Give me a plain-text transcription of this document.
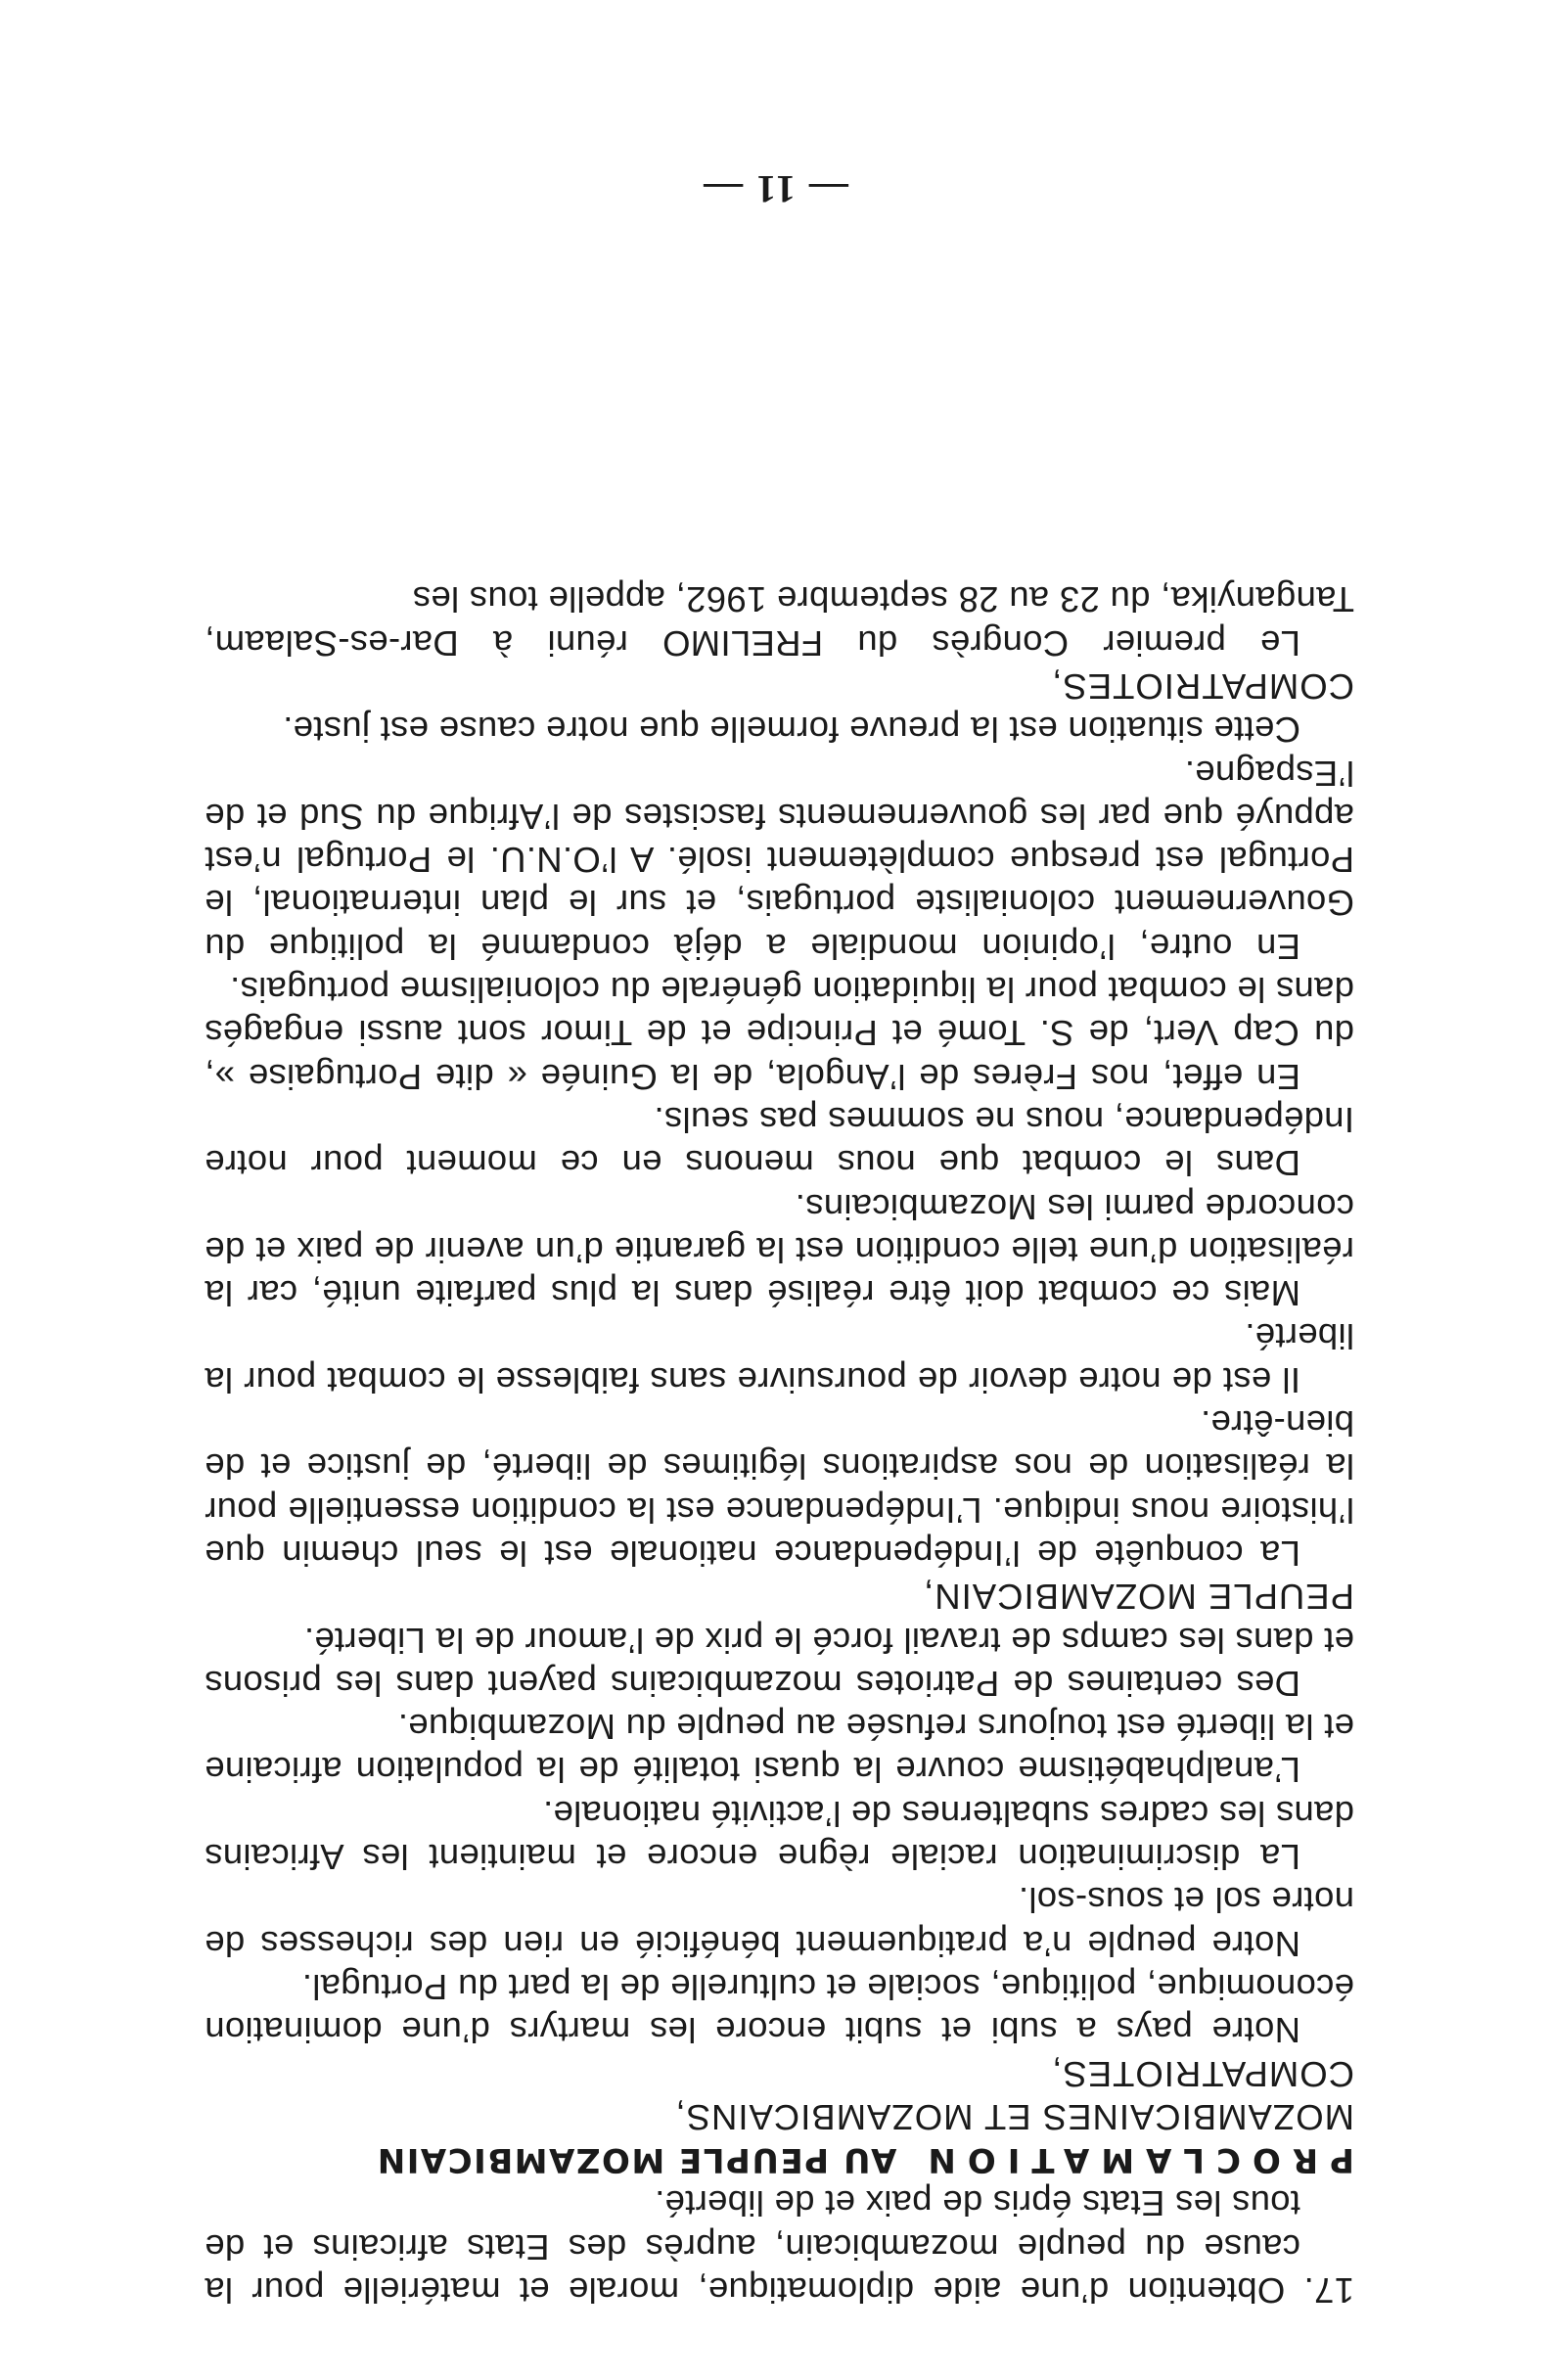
17. Obtention d’une aide diplomatique, morale et matérielle pour la cause du peuple mozambicain, auprès des Etats africains et de tous les Etats épris de paix et de liberté.

PROCLAMATIONAU PEUPLE MOZAMBICAIN

MOZAMBICAINES ET MOZAMBICAINS,

COMPATRIOTES,

Notre pays a subi et subit encore les martyrs d’une domination économique, politique, sociale et culturelle de la part du Portugal.

Notre peuple n’a pratiquement bénéficié en rien des richesses de notre sol et sous-sol.

La discrimination raciale règne encore et maintient les Africains dans les cadres subalternes de l’activité nationale.

L’analphabétisme couvre la quasi totalité de la population africaine et la liberté est toujours refusée au peuple du Mozambique.

Des centaines de Patriotes mozambicains payent dans les prisons et dans les camps de travail forcé le prix de l’amour de la Liberté.

PEUPLE MOZAMBICAIN,

La conquête de l’Indépendance nationale est le seul chemin que l’histoire nous indique. L’Indépendance est la condition essentielle pour la réalisation de nos aspirations légitimes de liberté, de justice et de bien-être.

Il est de notre devoir de poursuivre sans faiblesse le combat pour la liberté.

Mais ce combat doit être réalisé dans la plus parfaite unité, car la réalisation d’une telle condition est la garantie d’un avenir de paix et de concorde parmi les Mozambicains.

Dans le combat que nous menons en ce moment pour notre Indépendance, nous ne sommes pas seuls.

En effet, nos Frères de l’Angola, de la Guinée « dite Portugaise », du Cap Vert, de S. Tomé et Principe et de Timor sont aussi engagés dans le combat pour la liquidation générale du colonialisme portugais.

En outre, l’opinion mondiale a déjà condamné la politique du Gouvernement colonialiste portugais, et sur le plan international, le Portugal est presque complètement isolé. A l’O.N.U. le Portugal n’est appuyé que par les gouvernements fascistes de l’Afrique du Sud et de l’Espagne.

Cette situation est la preuve formelle que notre cause est juste.

COMPATRIOTES,

Le premier Congrès du FRELIMO réuni à Dar-es-Salaam, Tanganyika, du 23 au 28 septembre 1962, appelle tous les

— 11 —
